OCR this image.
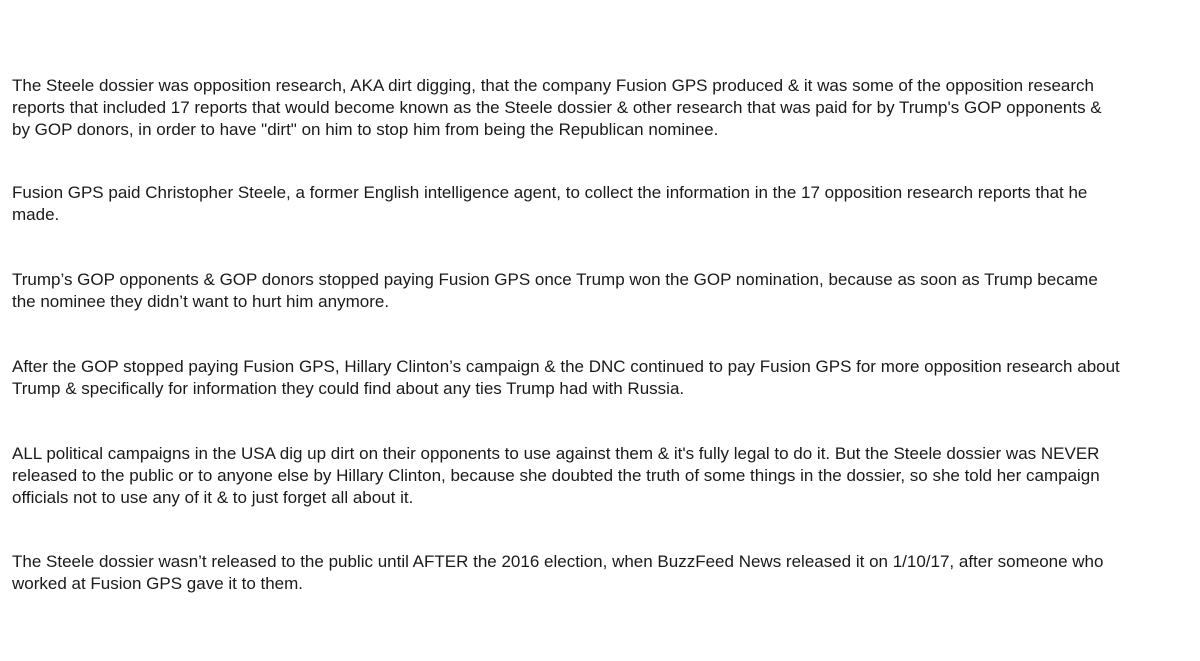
The Steele dossier was opposition research, AKA dirt digging, that the company Fusion GPS produced & it was some of the opposition research
reports that included 17 reports that would become known as the Steele dossier & other research that was paid for by Trump's GOP opponents &
by GOP donors, in order to have "dirt" on him to stop him from being the Republican nominee.

Fusion GPS paid Christopher Steele, a former English intelligence agent, to collect the information in the 17 opposition research reports that he
made.

Trump’s GOP opponents & GOP donors stopped paying Fusion GPS once Trump won the GOP nomination, because as soon as Trump became
the nominee they didn’t want to hurt him anymore.

After the GOP stopped paying Fusion GPS, Hillary Clinton’s campaign & the DNC continued to pay Fusion GPS for more opposition research about
Trump & specifically for information they could find about any ties Trump had with Russia.

ALL political campaigns in the USA dig up dirt on their opponents to use against them & it's fully legal to do it. But the Steele dossier was NEVER
released to the public or to anyone else by Hillary Clinton, because she doubted the truth of some things in the dossier, so she told her campaign
officials not to use any of it & to just forget all about it.

The Steele dossier wasn’t released to the public until AFTER the 2016 election, when BuzzFeed News released it on 1/10/17, after someone who
worked at Fusion GPS gave it to them.
